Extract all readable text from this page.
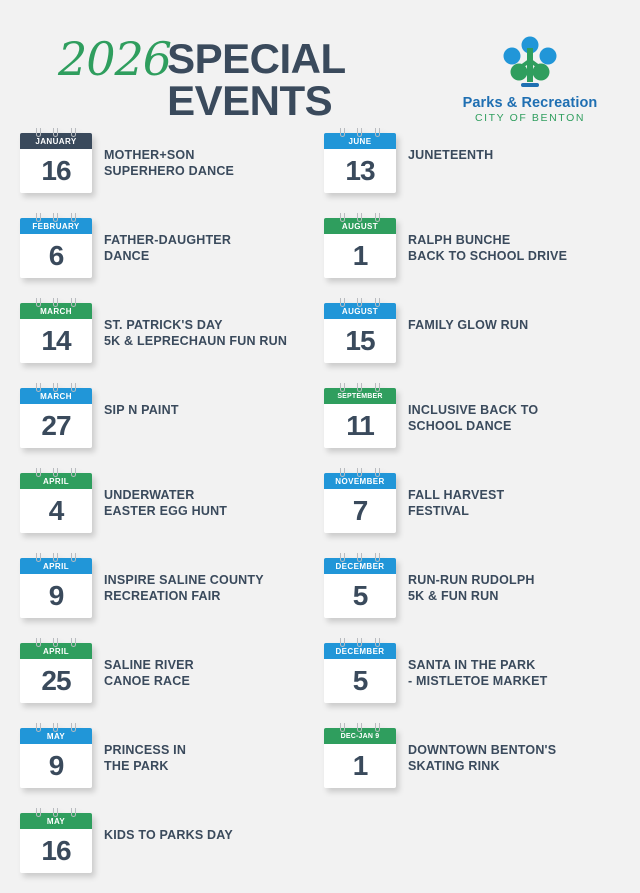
2026
SPECIAL EVENTS	Parks & Recreation
CITY OF BENTON
JANUARY
16	MOTHER+SON
SUPERHERO DANCE
FEBRUARY
6	FATHER-DAUGHTER
DANCE
MARCH
14	ST. PATRICK'S DAY
5K & LEPRECHAUN FUN RUN
MARCH
27	SIP N PAINT
APRIL
4	UNDERWATER
EASTER EGG HUNT
APRIL
9	INSPIRE SALINE COUNTY
RECREATION FAIR
APRIL
25	SALINE RIVER
CANOE RACE
MAY
9	PRINCESS IN
THE PARK
MAY
16	KIDS TO PARKS DAY
JUNE
13	JUNETEENTH
AUGUST
1	RALPH BUNCHE
BACK TO SCHOOL DRIVE
AUGUST
15	FAMILY GLOW RUN
SEPTEMBER
11	INCLUSIVE BACK TO
SCHOOL DANCE
NOVEMBER
7	FALL HARVEST
FESTIVAL
DECEMBER
5	RUN-RUN RUDOLPH
5K & FUN RUN
DECEMBER
5	SANTA IN THE PARK
- MISTLETOE MARKET
DEC-JAN 9
1	DOWNTOWN BENTON'S
SKATING RINK
